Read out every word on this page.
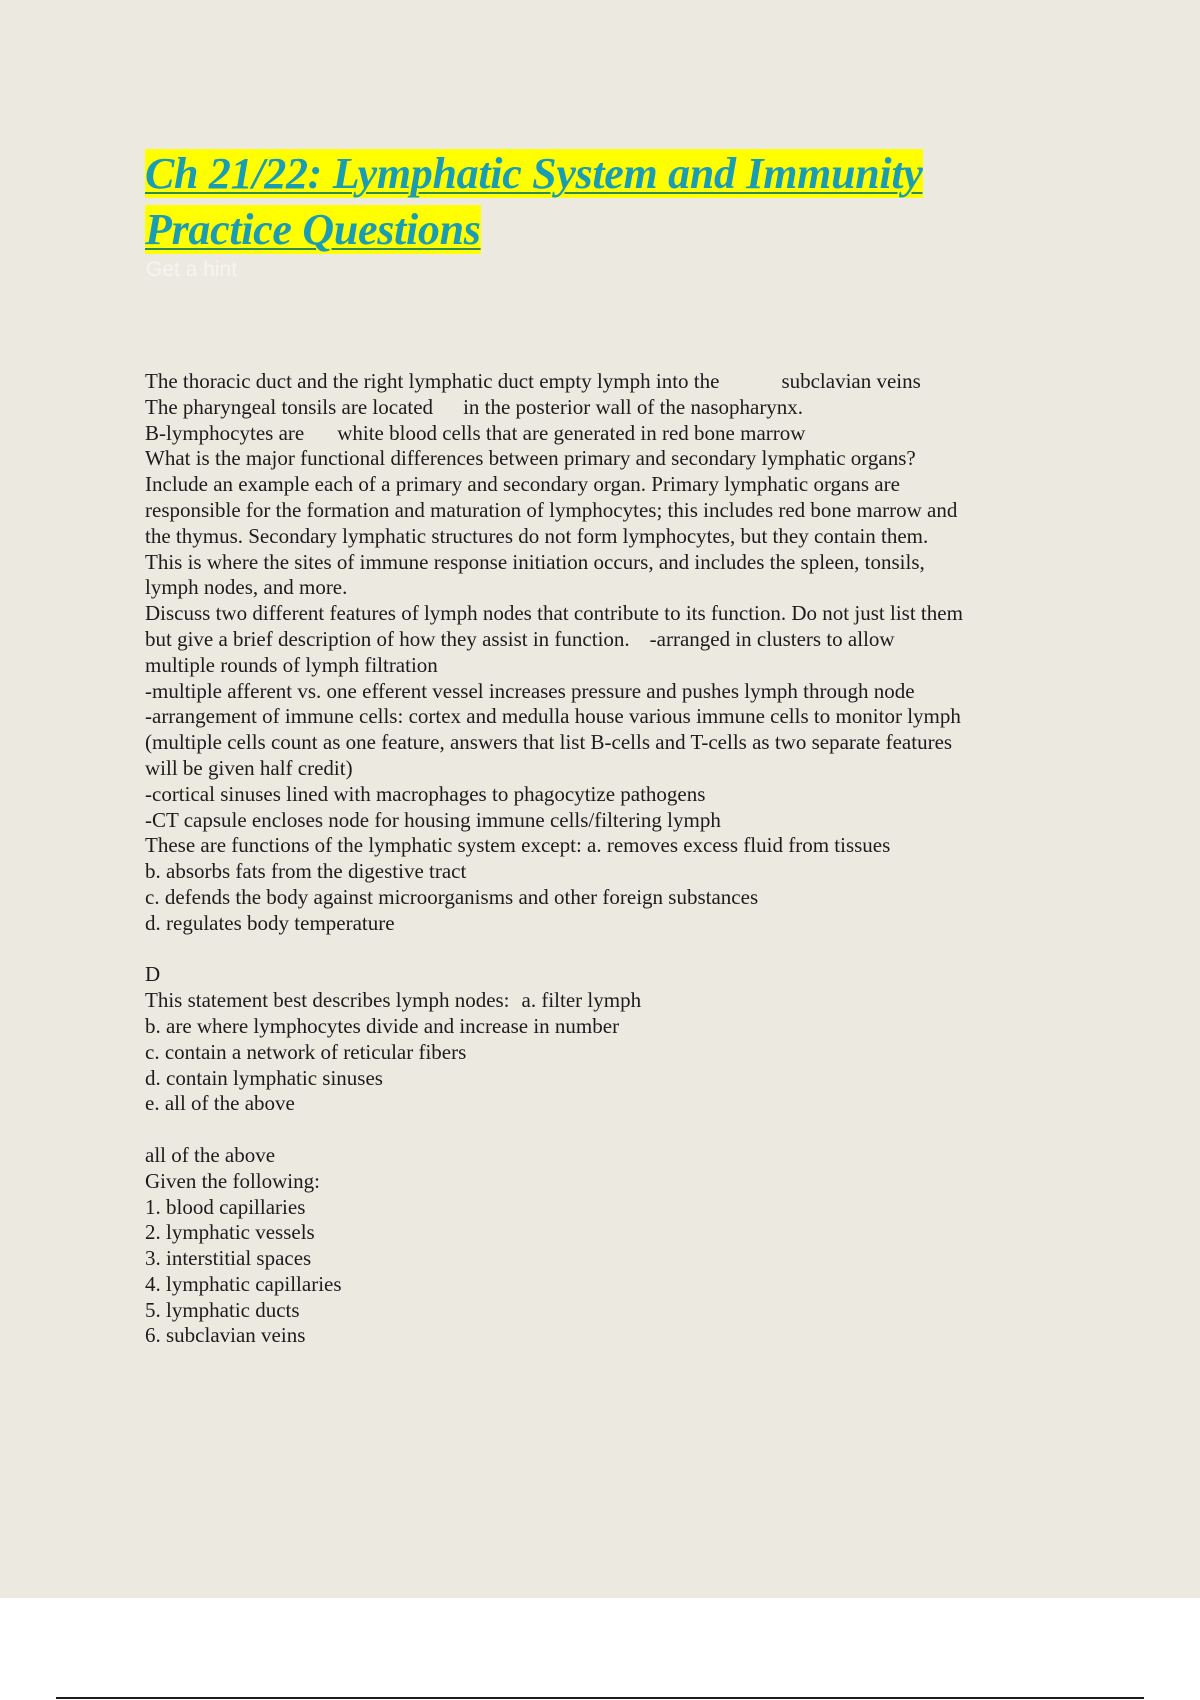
Ch 21/22: Lymphatic System and Immunity
Practice Questions
Get a hint
The thoracic duct and the right lymphatic duct empty lymph into the	subclavian veins
The pharyngeal tonsils are located in the posterior wall of the nasopharynx.
B-lymphocytes are white blood cells that are generated in red bone marrow
What is the major functional differences between primary and secondary lymphatic organs?
Include an example each of a primary and secondary organ. Primary lymphatic organs are
responsible for the formation and maturation of lymphocytes; this includes red bone marrow and
the thymus. Secondary lymphatic structures do not form lymphocytes, but they contain them.
This is where the sites of immune response initiation occurs, and includes the spleen, tonsils,
lymph nodes, and more.
Discuss two different features of lymph nodes that contribute to its function. Do not just list them
but give a brief description of how they assist in function. -arranged in clusters to allow
multiple rounds of lymph filtration
-multiple afferent vs. one efferent vessel increases pressure and pushes lymph through node
-arrangement of immune cells: cortex and medulla house various immune cells to monitor lymph
(multiple cells count as one feature, answers that list B-cells and T-cells as two separate features
will be given half credit)
-cortical sinuses lined with macrophages to phagocytize pathogens
-CT capsule encloses node for housing immune cells/filtering lymph
These are functions of the lymphatic system except: a. removes excess fluid from tissues
b. absorbs fats from the digestive tract
c. defends the body against microorganisms and other foreign substances
d. regulates body temperature
D
This statement best describes lymph nodes: a. filter lymph
b. are where lymphocytes divide and increase in number
c. contain a network of reticular fibers
d. contain lymphatic sinuses
e. all of the above
all of the above
Given the following:
1. blood capillaries
2. lymphatic vessels
3. interstitial spaces
4. lymphatic capillaries
5. lymphatic ducts
6. subclavian veins
